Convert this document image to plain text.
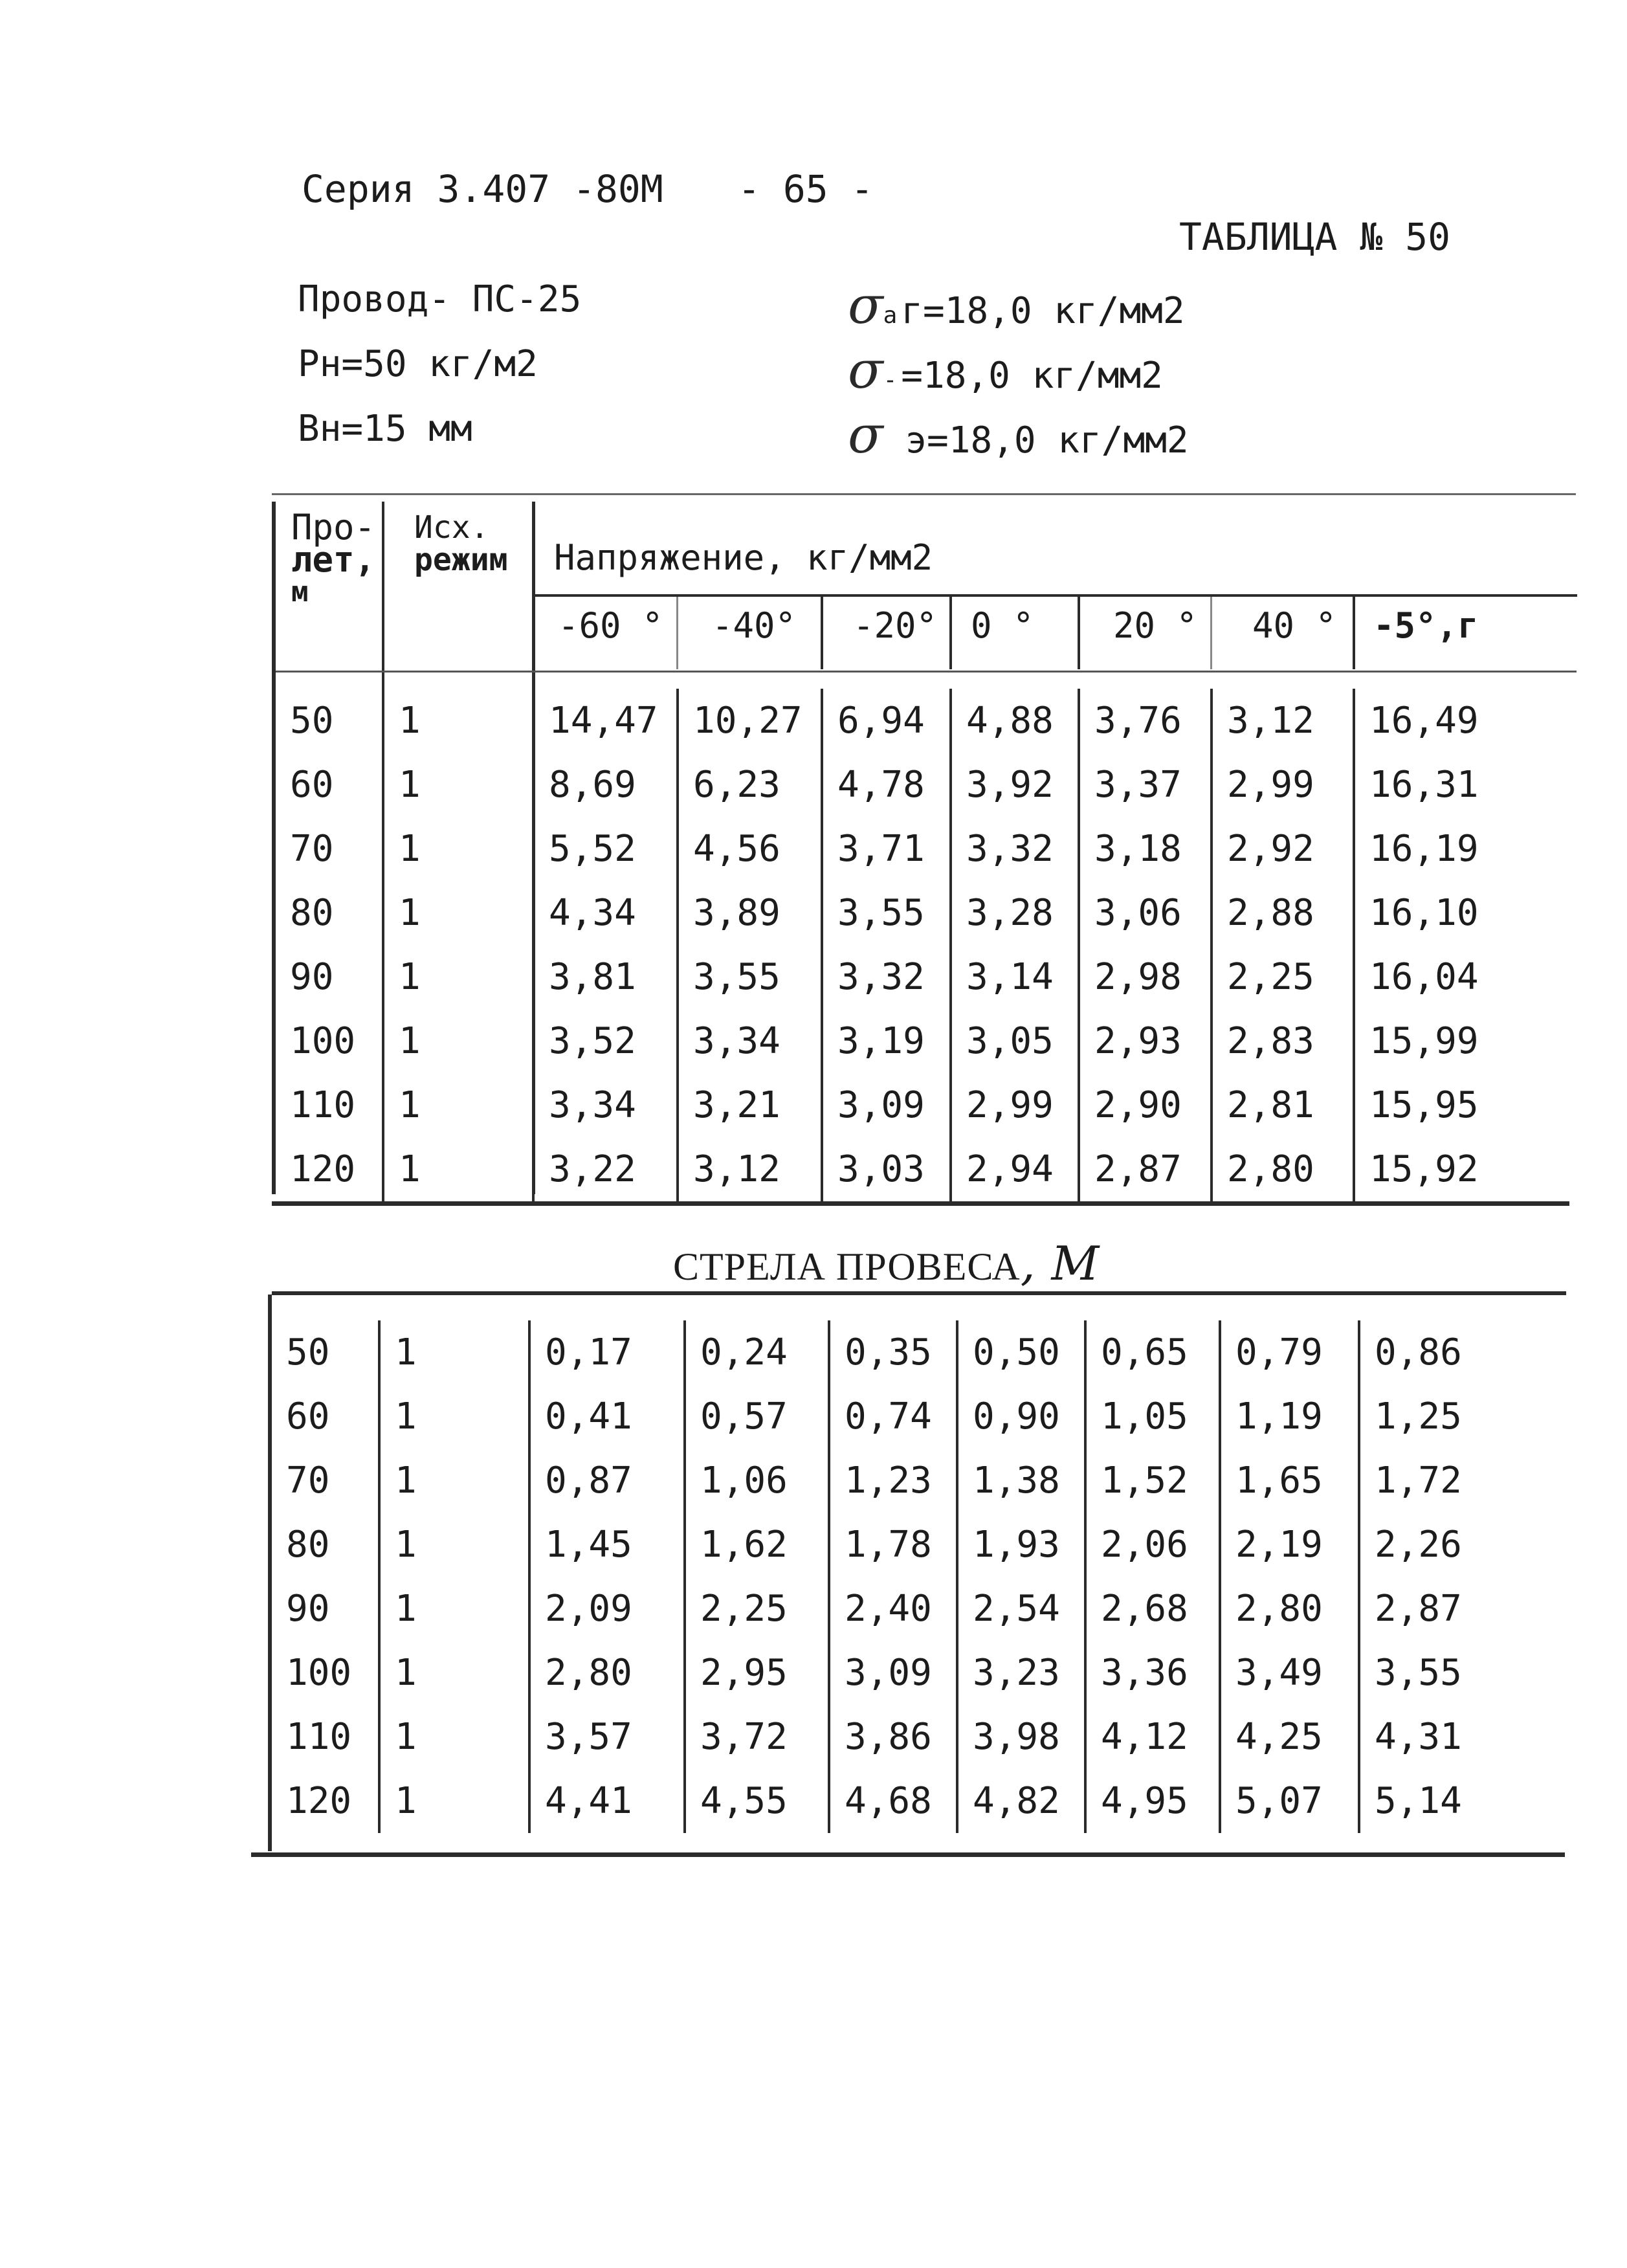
Серия 3.407 -80М - 65 -
ТАБЛИЦА № 50
Провод- ПС-25
Рн=50 кг/м2
Вн=15 мм
σа г=18,0 кг/мм2
σ- =18,0 кг/мм2
σ э=18,0 кг/мм2
Про-
лет,
м
Исх.
режим Напряжение, кг/мм2
-60 ° -40° -20° 0 ° 20 ° 40 ° -5°,г
50	1	14,47	10,27	6,94	4,88	3,76	3,12	16,49
60	1	8,69	6,23	4,78	3,92	3,37	2,99	16,31
70	1	5,52	4,56	3,71	3,32	3,18	2,92	16,19
80	1	4,34	3,89	3,55	3,28	3,06	2,88	16,10
90	1	3,81	3,55	3,32	3,14	2,98	2,25	16,04
100	1	3,52	3,34	3,19	3,05	2,93	2,83	15,99
110	1	3,34	3,21	3,09	2,99	2,90	2,81	15,95
120	1	3,22	3,12	3,03	2,94	2,87	2,80	15,92
СТРЕЛА ПРОВЕСА, М
50	1	0,17	0,24	0,35	0,50	0,65	0,79	0,86
60	1	0,41	0,57	0,74	0,90	1,05	1,19	1,25
70	1	0,87	1,06	1,23	1,38	1,52	1,65	1,72
80	1	1,45	1,62	1,78	1,93	2,06	2,19	2,26
90	1	2,09	2,25	2,40	2,54	2,68	2,80	2,87
100	1	2,80	2,95	3,09	3,23	3,36	3,49	3,55
110	1	3,57	3,72	3,86	3,98	4,12	4,25	4,31
120	1	4,41	4,55	4,68	4,82	4,95	5,07	5,14
